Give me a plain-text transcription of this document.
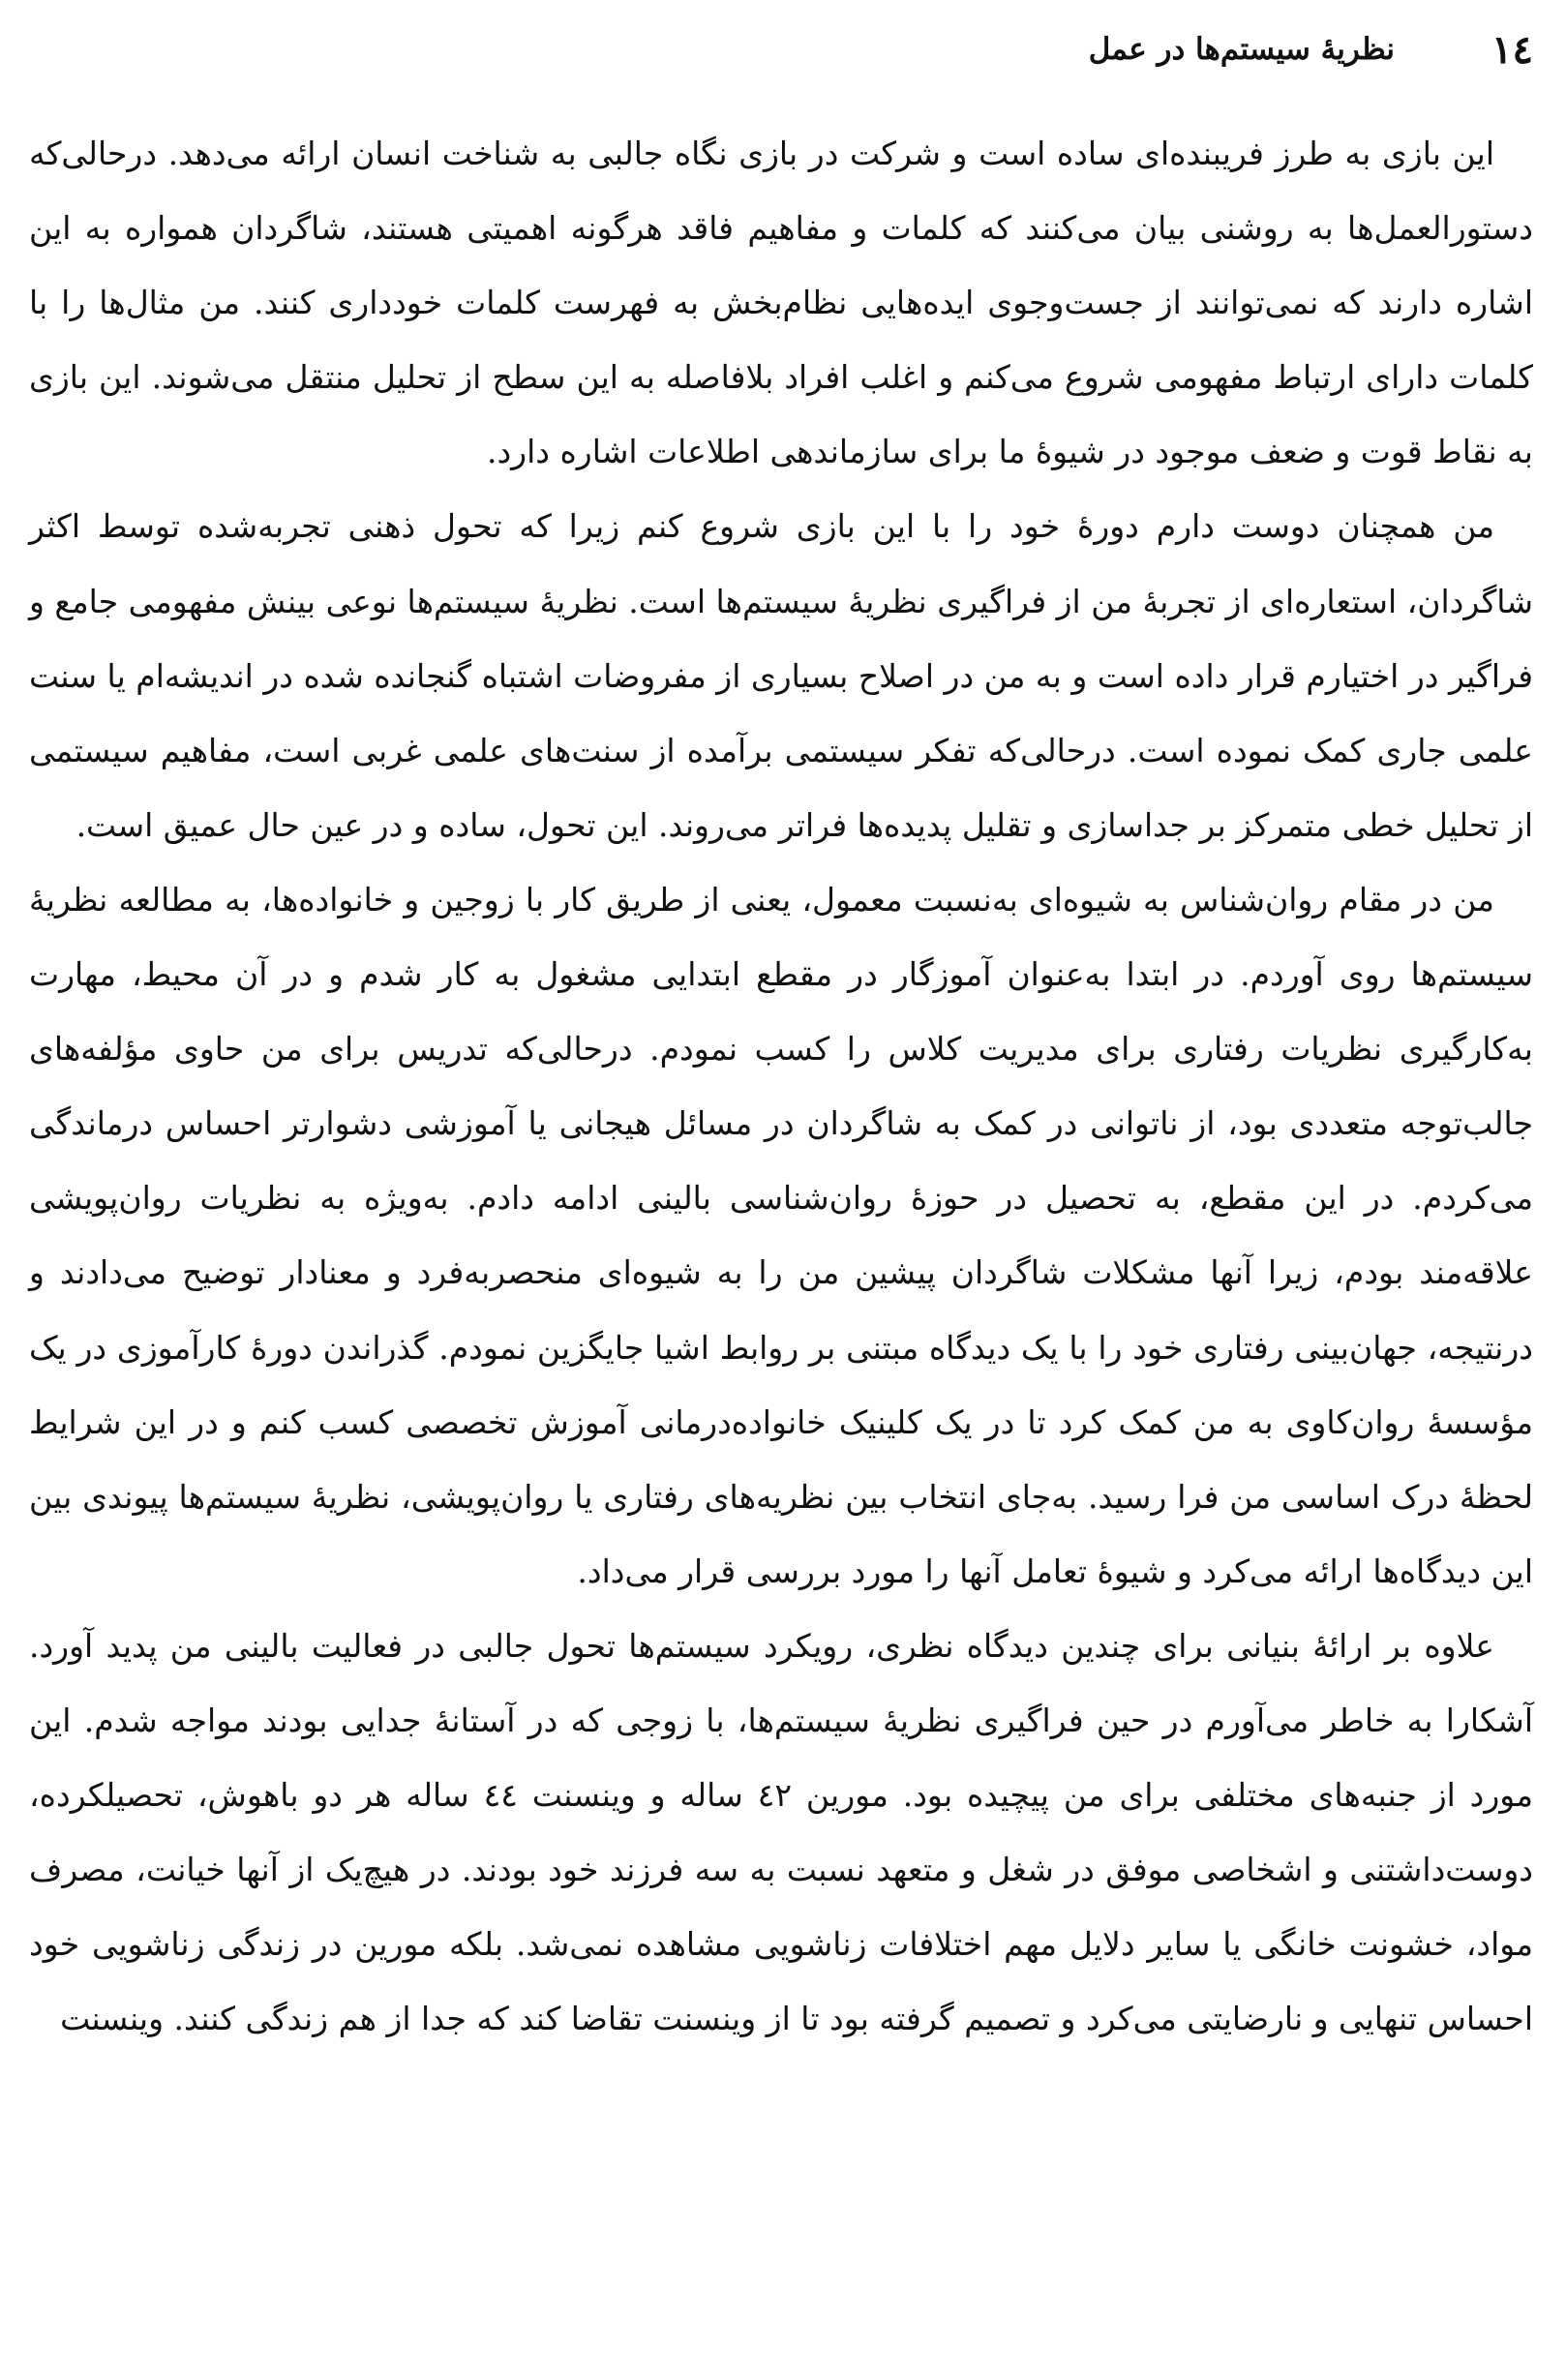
١٤
نظریۀ سیستم‌ها در عمل

این بازی به طرز فریبنده‌ای ساده است و شرکت در بازی نگاه جالبی به شناخت انسان ارائه می‌دهد. درحالی‌که دستورالعمل‌ها به روشنی بیان می‌کنند که کلمات و مفاهیم فاقد هرگونه اهمیتی هستند، شاگردان همواره به این اشاره دارند که نمی‌توانند از جست‌وجوی ایده‌هایی نظام‌بخش به فهرست کلمات خودداری کنند. من مثال‌ها را با کلمات دارای ارتباط مفهومی شروع می‌کنم و اغلب افراد بلافاصله به این سطح از تحلیل منتقل می‌شوند. این بازی به نقاط قوت و ضعف موجود در شیوۀ ما برای سازماندهی اطلاعات اشاره دارد.

من همچنان دوست دارم دورۀ خود را با این بازی شروع کنم زیرا که تحول ذهنی تجربه‌شده توسط اکثر شاگردان، استعاره‌ای از تجربۀ من از فراگیری نظریۀ سیستم‌ها است. نظریۀ سیستم‌ها نوعی بینش مفهومی جامع و فراگیر در اختیارم قرار داده است و به من در اصلاح بسیاری از مفروضات اشتباه گنجانده شده در اندیشه‌ام یا سنت علمی جاری کمک نموده است. درحالی‌که تفکر سیستمی برآمده از سنت‌های علمی غربی است، مفاهیم سیستمی از تحلیل خطی متمرکز بر جداسازی و تقلیل پدیده‌ها فراتر می‌روند. این تحول، ساده و در عین حال عمیق است.

من در مقام روان‌شناس به شیوه‌ای به‌نسبت معمول، یعنی از طریق کار با زوجین و خانواده‌ها، به مطالعه نظریۀ سیستم‌ها روی آوردم. در ابتدا به‌عنوان آموزگار در مقطع ابتدایی مشغول به کار شدم و در آن محیط، مهارت به‌کارگیری نظریات رفتاری برای مدیریت کلاس را کسب نمودم. درحالی‌که تدریس برای من حاوی مؤلفه‌های جالب‌توجه متعددی بود، از ناتوانی در کمک به شاگردان در مسائل هیجانی یا آموزشی دشوارتر احساس درماندگی می‌کردم. در این مقطع، به تحصیل در حوزۀ روان‌شناسی بالینی ادامه دادم. به‌ویژه به نظریات روان‌پویشی علاقه‌مند بودم، زیرا آنها مشکلات شاگردان پیشین من را به شیوه‌ای منحصربه‌فرد و معنادار توضیح می‌دادند و درنتیجه، جهان‌بینی رفتاری خود را با یک دیدگاه مبتنی بر روابط اشیا جایگزین نمودم. گذراندن دورۀ کارآموزی در یک مؤسسۀ روان‌کاوی به من کمک کرد تا در یک کلینیک خانواده‌درمانی آموزش تخصصی کسب کنم و در این شرایط لحظۀ درک اساسی من فرا رسید. به‌جای انتخاب بین نظریه‌های رفتاری یا روان‌پویشی، نظریۀ سیستم‌ها پیوندی بین این دیدگاه‌ها ارائه می‌کرد و شیوۀ تعامل آنها را مورد بررسی قرار می‌داد.

علاوه بر ارائۀ بنیانی برای چندین دیدگاه نظری، رویکرد سیستم‌ها تحول جالبی در فعالیت بالینی من پدید آورد. آشکارا به خاطر می‌آورم در حین فراگیری نظریۀ سیستم‌ها، با زوجی که در آستانۀ جدایی بودند مواجه شدم. این مورد از جنبه‌های مختلفی برای من پیچیده بود. مورین ٤٢ ساله و وینسنت ٤٤ ساله هر دو باهوش، تحصیلکرده، دوست‌داشتنی و اشخاصی موفق در شغل و متعهد نسبت به سه فرزند خود بودند. در هیچ‌یک از آنها خیانت، مصرف مواد، خشونت خانگی یا سایر دلایل مهم اختلافات زناشویی مشاهده نمی‌شد. بلکه مورین در زندگی زناشویی خود احساس تنهایی و نارضایتی می‌کرد و تصمیم گرفته بود تا از وینسنت تقاضا کند که جدا از هم زندگی کنند. وینسنت
